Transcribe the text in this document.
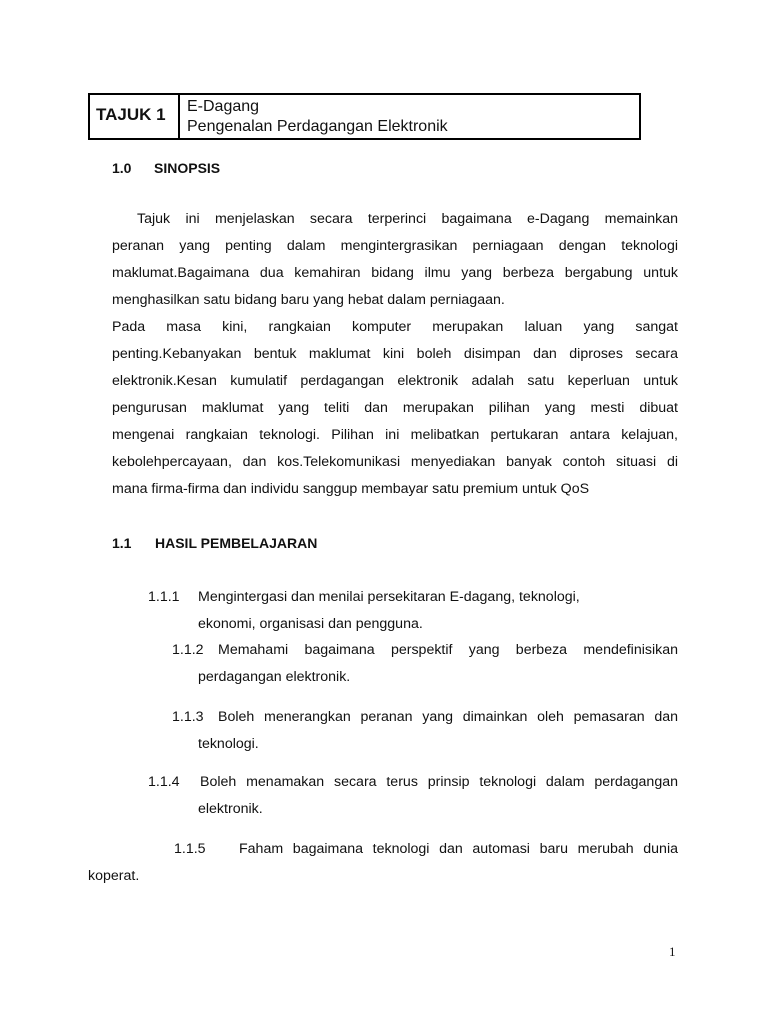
TAJUK 1	E-Dagang
Pengenalan Perdagangan Elektronik
1.0 SINOPSIS
Tajuk ini menjelaskan secara terperinci bagaimana e-Dagang memainkan
peranan yang penting dalam mengintergrasikan perniagaan dengan teknologi
maklumat.Bagaimana dua kemahiran bidang ilmu yang berbeza bergabung untuk
menghasilkan satu bidang baru yang hebat dalam perniagaan.
Pada masa kini, rangkaian komputer merupakan laluan yang sangat
penting.Kebanyakan bentuk maklumat kini boleh disimpan dan diproses secara
elektronik.Kesan kumulatif perdagangan elektronik adalah satu keperluan untuk
pengurusan maklumat yang teliti dan merupakan pilihan yang mesti dibuat
mengenai rangkaian teknologi. Pilihan ini melibatkan pertukaran antara kelajuan,
kebolehpercayaan, dan kos.Telekomunikasi menyediakan banyak contoh situasi di
mana firma-firma dan individu sanggup membayar satu premium untuk QoS
1.1 HASIL PEMBELAJARAN
1.1.1 Mengintergasi dan menilai persekitaran E-dagang, teknologi,
ekonomi, organisasi dan pengguna.
1.1.2 Memahami bagaimana perspektif yang berbeza mendefinisikan
perdagangan elektronik.
1.1.3 Boleh menerangkan peranan yang dimainkan oleh pemasaran dan
teknologi.
1.1.4 Boleh menamakan secara terus prinsip teknologi dalam perdagangan
elektronik.
1.1.5 Faham bagaimana teknologi dan automasi baru merubah dunia
koperat.
1
